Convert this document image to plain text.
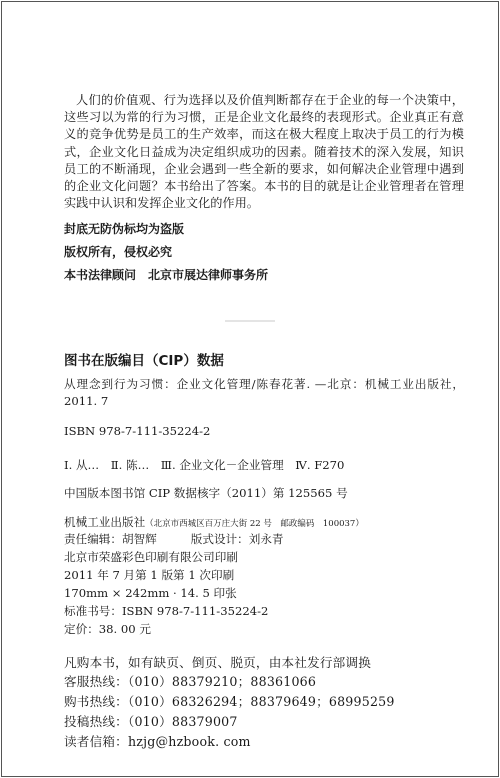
人们的价值观、行为选择以及价值判断都存在于企业的每一个决策中，这些习以为常的行为习惯，正是企业文化最终的表现形式。企业真正有意义的竞争优势是员工的生产效率，而这在极大程度上取决于员工的行为模式，企业文化日益成为决定组织成功的因素。随着技术的深入发展，知识员工的不断涌现，企业会遇到一些全新的要求，如何解决企业管理中遇到的企业文化问题？本书给出了答案。本书的目的就是让企业管理者在管理实践中认识和发挥企业文化的作用。
封底无防伪标均为盗版
版权所有，侵权必究
本书法律顾问　北京市展达律师事务所
图书在版编目（CIP）数据
从理念到行为习惯：企业文化管理/陈春花著. —北京：机械工业出版社，2011. 7
ISBN 978-7-111-35224-2
Ⅰ. 从…　Ⅱ. 陈…　Ⅲ. 企业文化－企业管理　Ⅳ. F270
中国版本图书馆 CIP 数据核字（2011）第 125565 号
机械工业出版社（北京市西城区百万庄大街 22 号　邮政编码　100037）
责任编辑：胡智辉	版式设计：刘永青
北京市荣盛彩色印刷有限公司印刷
2011 年 7 月第 1 版第 1 次印刷
170mm × 242mm · 14. 5 印张
标准书号：ISBN 978-7-111-35224-2
定价：38. 00 元
凡购本书，如有缺页、倒页、脱页，由本社发行部调换
客服热线：（010）88379210；88361066
购书热线：（010）68326294；88379649；68995259
投稿热线：（010）88379007
读者信箱：hzjg@hzbook. com
